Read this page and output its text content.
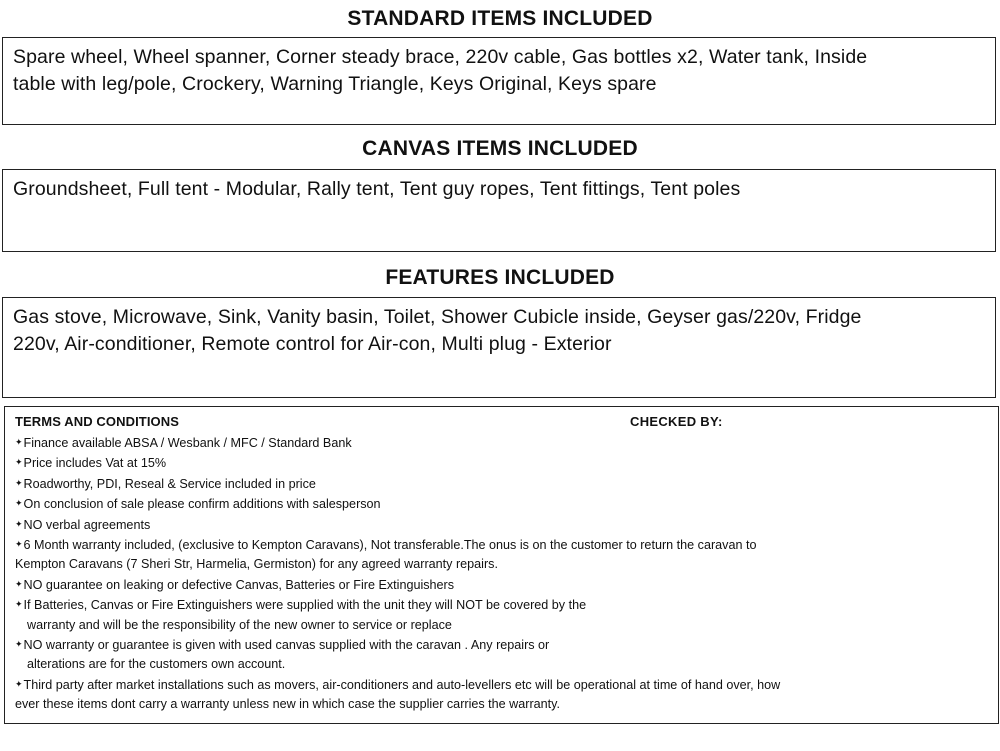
STANDARD ITEMS INCLUDED
Spare wheel, Wheel spanner, Corner steady brace, 220v cable, Gas bottles x2, Water tank, Inside
table with leg/pole, Crockery, Warning Triangle, Keys Original, Keys spare
CANVAS ITEMS INCLUDED
Groundsheet, Full tent - Modular, Rally tent, Tent guy ropes, Tent fittings, Tent poles
FEATURES INCLUDED
Gas stove, Microwave, Sink, Vanity basin, Toilet, Shower Cubicle inside, Geyser gas/220v, Fridge
220v, Air-conditioner, Remote control for Air-con, Multi plug - Exterior
TERMS AND CONDITIONS	CHECKED BY:
✦Finance available ABSA / Wesbank / MFC / Standard Bank
✦Price includes Vat at 15%
✦Roadworthy, PDI, Reseal & Service included in price
✦On conclusion of sale please confirm additions with salesperson
✦NO verbal agreements
✦6 Month warranty included, (exclusive to Kempton Caravans), Not transferable.The onus is on the customer to return the caravan to
Kempton Caravans (7 Sheri Str, Harmelia, Germiston) for any agreed warranty repairs.
✦NO guarantee on leaking or defective Canvas, Batteries or Fire Extinguishers
✦If Batteries, Canvas or Fire Extinguishers were supplied with the unit they will NOT be covered by the
warranty and will be the responsibility of the new owner to service or replace
✦NO warranty or guarantee is given with used canvas supplied with the caravan . Any repairs or
alterations are for the customers own account.
✦Third party after market installations such as movers, air-conditioners and auto-levellers etc will be operational at time of hand over, how
ever these items dont carry a warranty unless new in which case the supplier carries the warranty.
